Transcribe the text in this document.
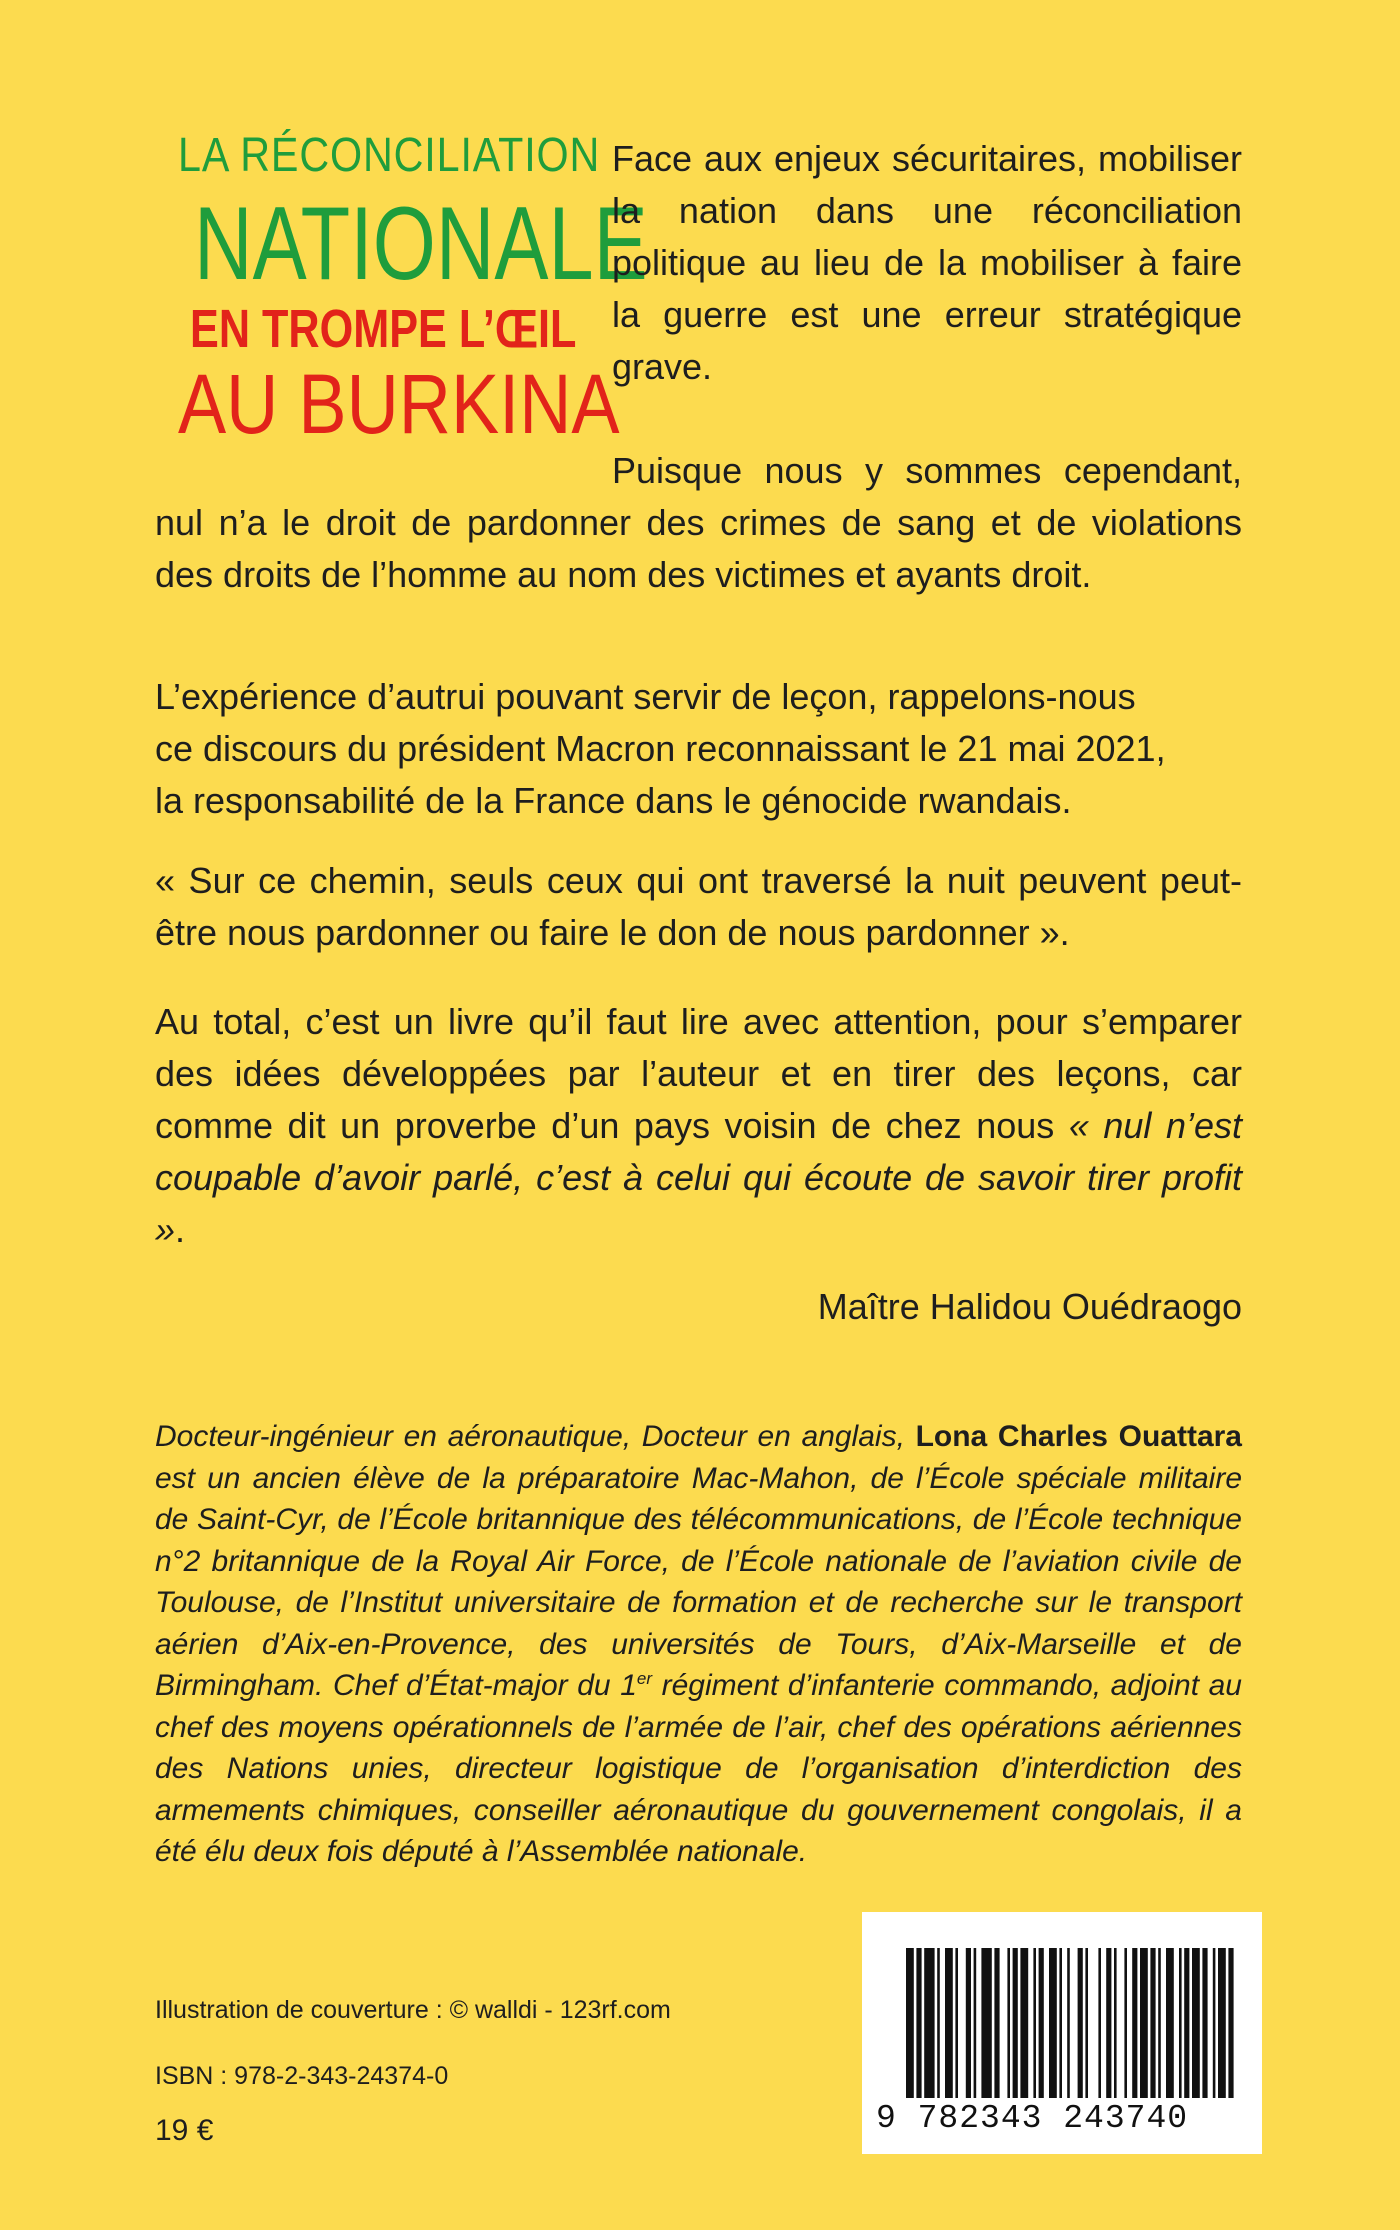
LA RÉCONCILIATION
NATIONALE
EN TROMPE L’ŒIL
AU BURKINA

Face aux enjeux sécuritaires, mobiliser la nation dans une réconciliation politique au lieu de la mobiliser à faire la guerre est une erreur stratégique grave.

Puisque nous y sommes cependant, nul n’a le droit de pardonner des crimes de sang et de violations des droits de l’homme au nom des victimes et ayants droit.

L’expérience d’autrui pouvant servir de leçon, rappelons-nous
ce discours du président Macron reconnaissant le 21 mai 2021,
la responsabilité de la France dans le génocide rwandais.

« Sur ce chemin, seuls ceux qui ont traversé la nuit peuvent peut-être nous pardonner ou faire le don de nous pardonner ».

Au total, c’est un livre qu’il faut lire avec attention, pour s’emparer des idées développées par l’auteur et en tirer des leçons, car comme dit un proverbe d’un pays voisin de chez nous « nul n’est coupable d’avoir parlé, c’est à celui qui écoute de savoir tirer profit ».

Maître Halidou Ouédraogo

Docteur-ingénieur en aéronautique, Docteur en anglais, Lona Charles Ouattara est un ancien élève de la préparatoire Mac-Mahon, de l’École spéciale militaire de Saint-Cyr, de l’École britannique des télécommunications, de l’École technique n°2 britannique de la Royal Air Force, de l’École nationale de l’aviation civile de Toulouse, de l’Institut universitaire de formation et de recherche sur le transport aérien d’Aix-en-Provence, des universités de Tours, d’Aix-Marseille et de Birmingham. Chef d’État-major du 1er régiment d’infanterie commando, adjoint au chef des moyens opérationnels de l’armée de l’air, chef des opérations aériennes des Nations unies, directeur logistique de l’organisation d’interdiction des armements chimiques, conseiller aéronautique du gouvernement congolais, il a été élu deux fois député à l’Assemblée nationale.

Illustration de couverture : © walldi - 123rf.com

ISBN : 978-2-343-24374-0

19 €	9 782343 243740
